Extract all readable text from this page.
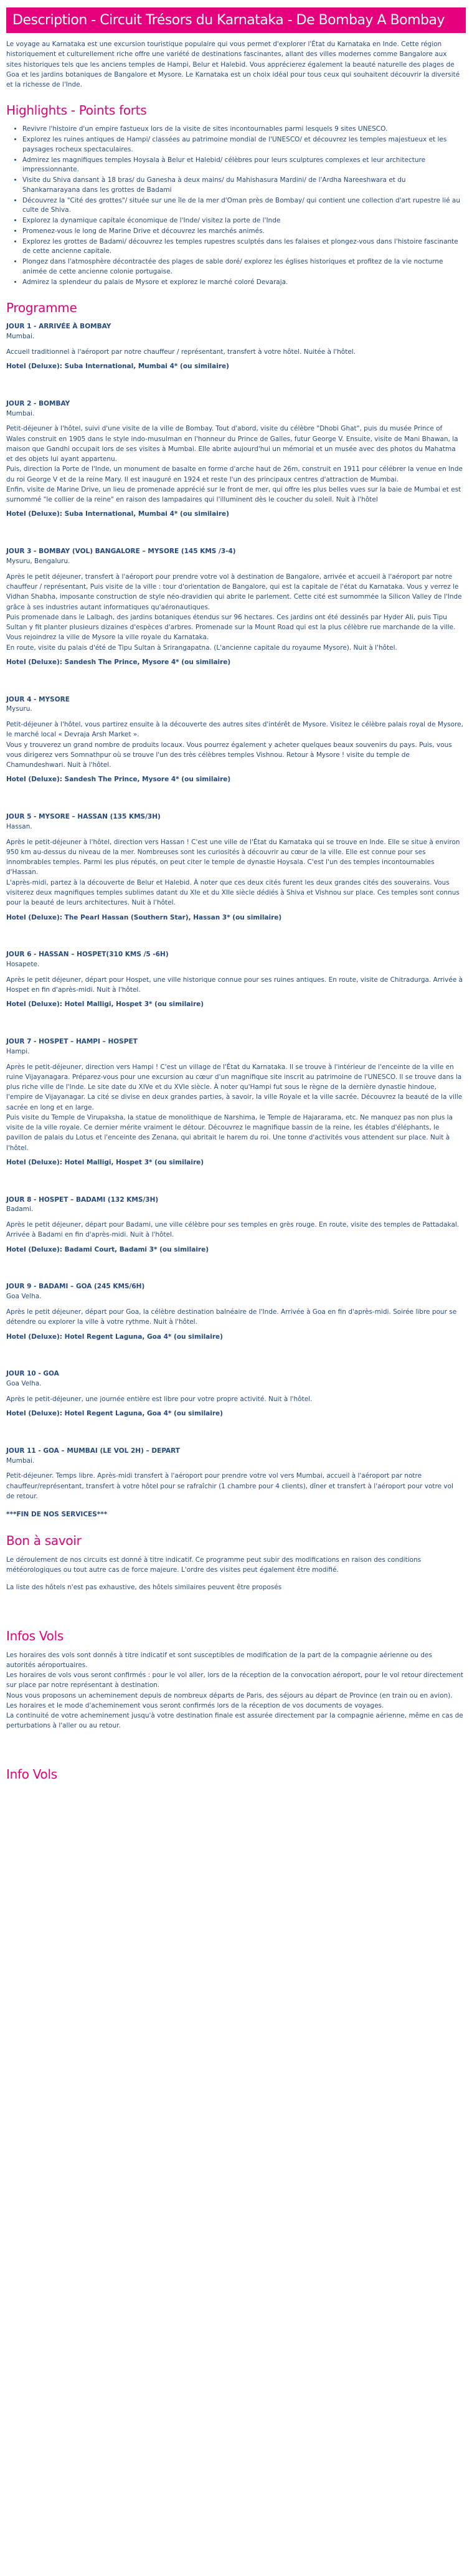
Description - Circuit Trésors du Karnataka - De Bombay A Bombay

Le voyage au Karnataka est une excursion touristique populaire qui vous permet d'explorer l'État du Karnataka en Inde. Cette région historiquement et culturellement riche offre une variété de destinations fascinantes, allant des villes modernes comme Bangalore aux sites historiques tels que les anciens temples de Hampi, Belur et Halebid. Vous apprécierez également la beauté naturelle des plages de Goa et les jardins botaniques de Bangalore et Mysore. Le Karnataka est un choix idéal pour tous ceux qui souhaitent découvrir la diversité et la richesse de l'Inde.

Highlights - Points forts
• Revivre l'histoire d'un empire fastueux lors de la visite de sites incontournables parmi lesquels 9 sites UNESCO.
• Explorez les ruines antiques de Hampi/ classées au patrimoine mondial de l'UNESCO/ et découvrez les temples majestueux et les paysages rocheux spectaculaires.
• Admirez les magnifiques temples Hoysala à Belur et Halebid/ célèbres pour leurs sculptures complexes et leur architecture impressionnante.
• Visite du Shiva dansant à 18 bras/ du Ganesha à deux mains/ du Mahishasura Mardini/ de l'Ardha Nareeshwara et du Shankarnarayana dans les grottes de Badami
• Découvrez la "Cité des grottes"/ située sur une île de la mer d'Oman près de Bombay/ qui contient une collection d'art rupestre lié au culte de Shiva.
• Explorez la dynamique capitale économique de l'Inde/ visitez la porte de l'Inde
• Promenez-vous le long de Marine Drive et découvrez les marchés animés.
• Explorez les grottes de Badami/ découvrez les temples rupestres sculptés dans les falaises et plongez-vous dans l'histoire fascinante de cette ancienne capitale.
• Plongez dans l'atmosphère décontractée des plages de sable doré/ explorez les églises historiques et profitez de la vie nocturne animée de cette ancienne colonie portugaise.
• Admirez la splendeur du palais de Mysore et explorez le marché coloré Devaraja.
Programme

JOUR 1 - ARRIVÉE À BOMBAY

Mumbai.

Accueil traditionnel à l'aéroport par notre chauffeur / représentant, transfert à votre hôtel. Nuitée à l'hôtel.

Hotel (Deluxe): Suba International, Mumbai 4* (ou similaire)

JOUR 2 - BOMBAY

Mumbai.

Petit-déjeuner à l'hôtel, suivi d'une visite de la ville de Bombay. Tout d'abord, visite du célèbre "Dhobi Ghat", puis du musée Prince of Wales construit en 1905 dans le style indo-musulman en l'honneur du Prince de Galles, futur George V. Ensuite, visite de Mani Bhawan, la maison que Gandhi occupait lors de ses visites à Mumbai. Elle abrite aujourd'hui un mémorial et un musée avec des photos du Mahatma et des objets lui ayant appartenu.
Puis, direction la Porte de l'Inde, un monument de basalte en forme d'arche haut de 26m, construit en 1911 pour célébrer la venue en Inde du roi George V et de la reine Mary. Il est inauguré en 1924 et reste l'un des principaux centres d'attraction de Mumbai.
Enfin, visite de Marine Drive, un lieu de promenade apprécié sur le front de mer, qui offre les plus belles vues sur la baie de Mumbai et est surnommé "le collier de la reine" en raison des lampadaires qui l'illuminent dès le coucher du soleil. Nuit à l'hôtel

Hotel (Deluxe): Suba International, Mumbai 4* (ou similaire)

JOUR 3 - BOMBAY (VOL) BANGALORE – MYSORE (145 KMS /3-4)

Mysuru, Bengaluru.

Après le petit déjeuner, transfert à l'aéroport pour prendre votre vol à destination de Bangalore, arrivée et accueil à l'aéroport par notre chauffeur / représentant, Puis visite de la ville : tour d'orientation de Bangalore, qui est la capitale de l'état du Karnataka. Vous y verrez le Vidhan Shabha, imposante construction de style néo-dravidien qui abrite le parlement. Cette cité est surnommée la Silicon Valley de l'Inde grâce à ses industries autant informatiques qu'aéronautiques.
Puis promenade dans le Lalbagh, des jardins botaniques étendus sur 96 hectares. Ces jardins ont été dessinés par Hyder Ali, puis Tipu Sultan y fit planter plusieurs dizaines d'espèces d'arbres. Promenade sur la Mount Road qui est la plus célèbre rue marchande de la ville. Vous rejoindrez la ville de Mysore la ville royale du Karnataka.
En route, visite du palais d'été de Tipu Sultan à Srirangapatna. (L'ancienne capitale du royaume Mysore). Nuit à l'hôtel.

Hotel (Deluxe): Sandesh The Prince, Mysore 4* (ou similaire)

JOUR 4 - MYSORE

Mysuru.

Petit-déjeuner à l'hôtel, vous partirez ensuite à la découverte des autres sites d'intérêt de Mysore. Visitez le célèbre palais royal de Mysore, le marché local « Devraja Arsh Market ».
Vous y trouverez un grand nombre de produits locaux. Vous pourrez également y acheter quelques beaux souvenirs du pays. Puis, vous vous dirigerez vers Somnathpur où se trouve l'un des très célèbres temples Vishnou. Retour à Mysore ! visite du temple de Chamundeshwari. Nuit à l'hôtel.

Hotel (Deluxe): Sandesh The Prince, Mysore 4* (ou similaire)

JOUR 5 - MYSORE – HASSAN (135 KMS/3H)

Hassan.

Après le petit-déjeuner à l'hôtel, direction vers Hassan ! C'est une ville de l'État du Karnataka qui se trouve en Inde. Elle se situe à environ 950 km au-dessus du niveau de la mer. Nombreuses sont les curiosités à découvrir au cœur de la ville. Elle est connue pour ses innombrables temples. Parmi les plus réputés, on peut citer le temple de dynastie Hoysala. C'est l'un des temples incontournables d'Hassan.
L'après-midi, partez à la découverte de Belur et Halebid. À noter que ces deux cités furent les deux grandes cités des souverains. Vous visiterez deux magnifiques temples sublimes datant du XIe et du XIIe siècle dédiés à Shiva et Vishnou sur place. Ces temples sont connus pour la beauté de leurs architectures. Nuit à l'hôtel.

Hotel (Deluxe): The Pearl Hassan (Southern Star), Hassan 3* (ou similaire)

JOUR 6 - HASSAN – HOSPET(310 KMS /5 -6H)

Hosapete.

Après le petit déjeuner, départ pour Hospet, une ville historique connue pour ses ruines antiques. En route, visite de Chitradurga. Arrivée à Hospet en fin d'après-midi. Nuit à l'hôtel.

Hotel (Deluxe): Hotel Malligi, Hospet 3* (ou similaire)

JOUR 7 - HOSPET – HAMPI – HOSPET

Hampi.

Après le petit-déjeuner, direction vers Hampi ! C'est un village de l'État du Karnataka. Il se trouve à l'intérieur de l'enceinte de la ville en ruine Vijayanagara. Préparez-vous pour une excursion au cœur d'un magnifique site inscrit au patrimoine de l'UNESCO. Il se trouve dans la plus riche ville de l'Inde. Le site date du XIVe et du XVIe siècle. À noter qu'Hampi fut sous le règne de la dernière dynastie hindoue, l'empire de Vijayanagar. La cité se divise en deux grandes parties, à savoir, la ville Royale et la ville sacrée. Découvrez la beauté de la ville sacrée en long et en large.
Puis visite du Temple de Virupaksha, la statue de monolithique de Narshima, le Temple de Hajararama, etc. Ne manquez pas non plus la visite de la ville royale. Ce dernier mérite vraiment le détour. Découvrez le magnifique bassin de la reine, les étables d'éléphants, le pavillon de palais du Lotus et l'enceinte des Zenana, qui abritait le harem du roi. Une tonne d'activités vous attendent sur place. Nuit à l'hôtel.

Hotel (Deluxe): Hotel Malligi, Hospet 3* (ou similaire)

JOUR 8 - HOSPET – BADAMI (132 KMS/3H)

Badami.

Après le petit déjeuner, départ pour Badami, une ville célèbre pour ses temples en grès rouge. En route, visite des temples de Pattadakal. Arrivée à Badami en fin d'après-midi. Nuit à l'hôtel.

Hotel (Deluxe): Badami Court, Badami 3* (ou similaire)

JOUR 9 - BADAMI – GOA (245 KMS/6H)

Goa Velha.

Après le petit déjeuner, départ pour Goa, la célèbre destination balnéaire de l'Inde. Arrivée à Goa en fin d'après-midi. Soirée libre pour se détendre ou explorer la ville à votre rythme. Nuit à l'hôtel.

Hotel (Deluxe): Hotel Regent Laguna, Goa 4* (ou similaire)

JOUR 10 - GOA

Goa Velha.

Après le petit-déjeuner, une journée entière est libre pour votre propre activité. Nuit à l'hôtel.

Hotel (Deluxe): Hotel Regent Laguna, Goa 4* (ou similaire)

JOUR 11 - GOA – MUMBAI (LE VOL 2H) – DEPART

Mumbai.

Petit-déjeuner. Temps libre. Après-midi transfert à l'aéroport pour prendre votre vol vers Mumbai, accueil à l'aéroport par notre chauffeur/représentant, transfert à votre hôtel pour se rafraîchir (1 chambre pour 4 clients), dîner et transfert à l'aéroport pour votre vol de retour.

***FIN DE NOS SERVICES***

Bon à savoir

Le déroulement de nos circuits est donné à titre indicatif. Ce programme peut subir des modifications en raison des conditions météorologiques ou tout autre cas de force majeure. L'ordre des visites peut également être modifié.

La liste des hôtels n'est pas exhaustive, des hôtels similaires peuvent être proposés

Infos Vols

Les horaires des vols sont donnés à titre indicatif et sont susceptibles de modification de la part de la compagnie aérienne ou des autorités aéroportuaires.
Les horaires de vols vous seront confirmés : pour le vol aller, lors de la réception de la convocation aéroport, pour le vol retour directement sur place par notre représentant à destination.
Nous vous proposons un acheminement depuis de nombreux départs de Paris, des séjours au départ de Province (en train ou en avion).
Les horaires et le mode d'acheminement vous seront confirmés lors de la réception de vos documents de voyages.
La continuité de votre acheminement jusqu'à votre destination finale est assurée directement par la compagnie aérienne, même en cas de perturbations à l'aller ou au retour.

Info Vols
